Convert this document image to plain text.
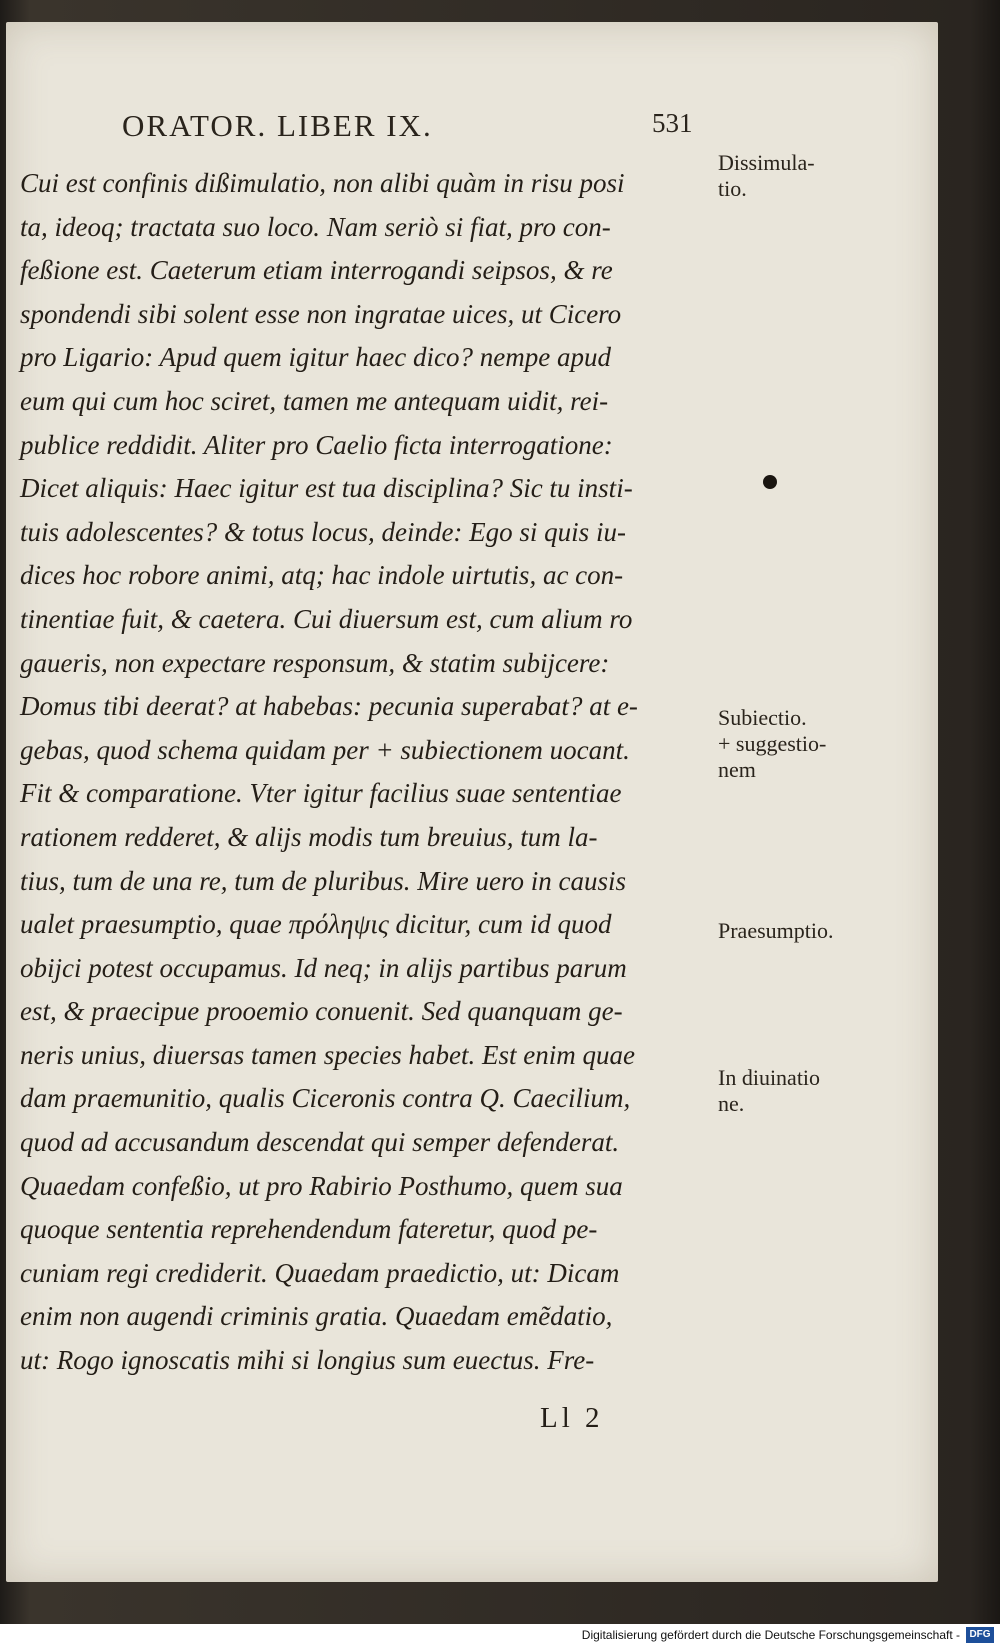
ORATOR. LIBER IX.	531
Cui est confinis dißimulatio, non alibi quàm in risu posi
ta, ideoq; tractata suo loco. Nam seriò si fiat, pro con-
feßione est. Caeterum etiam interrogandi seipsos, & re
spondendi sibi solent esse non ingratae uices, ut Cicero
pro Ligario: Apud quem igitur haec dico? nempe apud
eum qui cum hoc sciret, tamen me antequam uidit, rei-
publice reddidit. Aliter pro Caelio ficta interrogatione:
Dicet aliquis: Haec igitur est tua disciplina? Sic tu insti-
tuis adolescentes? & totus locus, deinde: Ego si quis iu-
dices hoc robore animi, atq; hac indole uirtutis, ac con-
tinentiae fuit, & caetera. Cui diuersum est, cum alium ro
gaueris, non expectare responsum, & statim subijcere:
Domus tibi deerat? at habebas: pecunia superabat? at e-
gebas, quod schema quidam per + subiectionem uocant.
Fit & comparatione. Vter igitur facilius suae sententiae
rationem redderet, & alijs modis tum breuius, tum la-
tius, tum de una re, tum de pluribus. Mire uero in causis
ualet praesumptio, quae πρόληψις dicitur, cum id quod
obijci potest occupamus. Id neq; in alijs partibus parum
est, & praecipue prooemio conuenit. Sed quanquam ge-
neris unius, diuersas tamen species habet. Est enim quae
dam praemunitio, qualis Ciceronis contra Q. Caecilium,
quod ad accusandum descendat qui semper defenderat.
Quaedam confeßio, ut pro Rabirio Posthumo, quem sua
quoque sententia reprehendendum fateretur, quod pe-
cuniam regi crediderit. Quaedam praedictio, ut: Dicam
enim non augendi criminis gratia. Quaedam emẽdatio,
ut: Rogo ignoscatis mihi si longius sum euectus. Fre-
Dissimula-
tio.
Subiectio.
+ suggestio-
nem
Praesumptio.
In diuinatio
ne.
Ll 2
Digitalisierung gefördert durch die Deutsche Forschungsgemeinschaft - DFG
